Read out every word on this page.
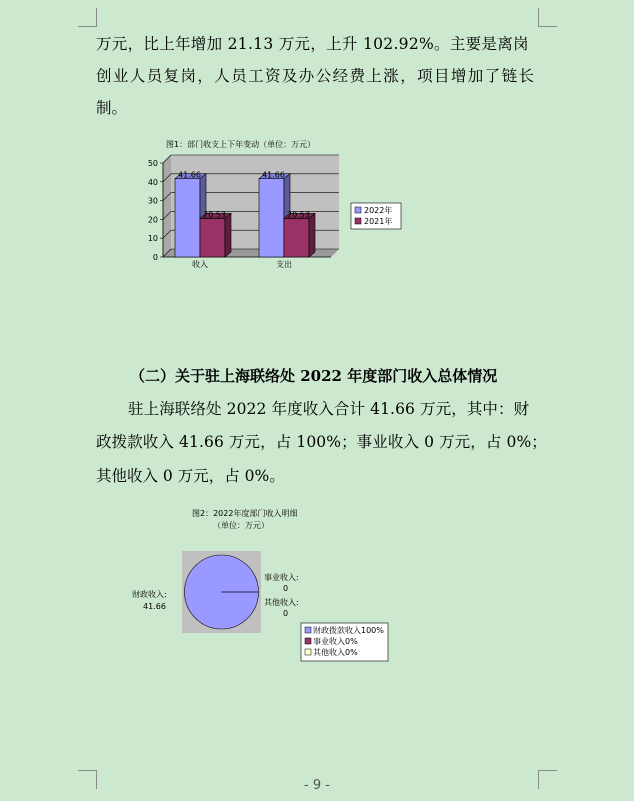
万元，比上年增加 21.13 万元，上升 102.92%。主要是离岗
创业人员复岗，人员工资及办公经费上涨，项目增加了链长
制。
图1：部门收支上下年变动（单位：万元）
0
10
20
30
40
50
41.66
20.53
收入
41.66
20.53
支出
2022年
2021年
财政收入:
41.66
事业收入:
0
其他收入:
0
财政拨款收入100%
事业收入0%
其他收入0%
（二）关于驻上海联络处 2022 年度部门收入总体情况
驻上海联络处 2022 年度收入合计 41.66 万元，其中：财
政拨款收入 41.66 万元，占 100%；事业收入 0 万元，占 0%；
其他收入 0 万元，占 0%。
图2：2022年度部门收入明细
（单位：万元）
- 9 -
